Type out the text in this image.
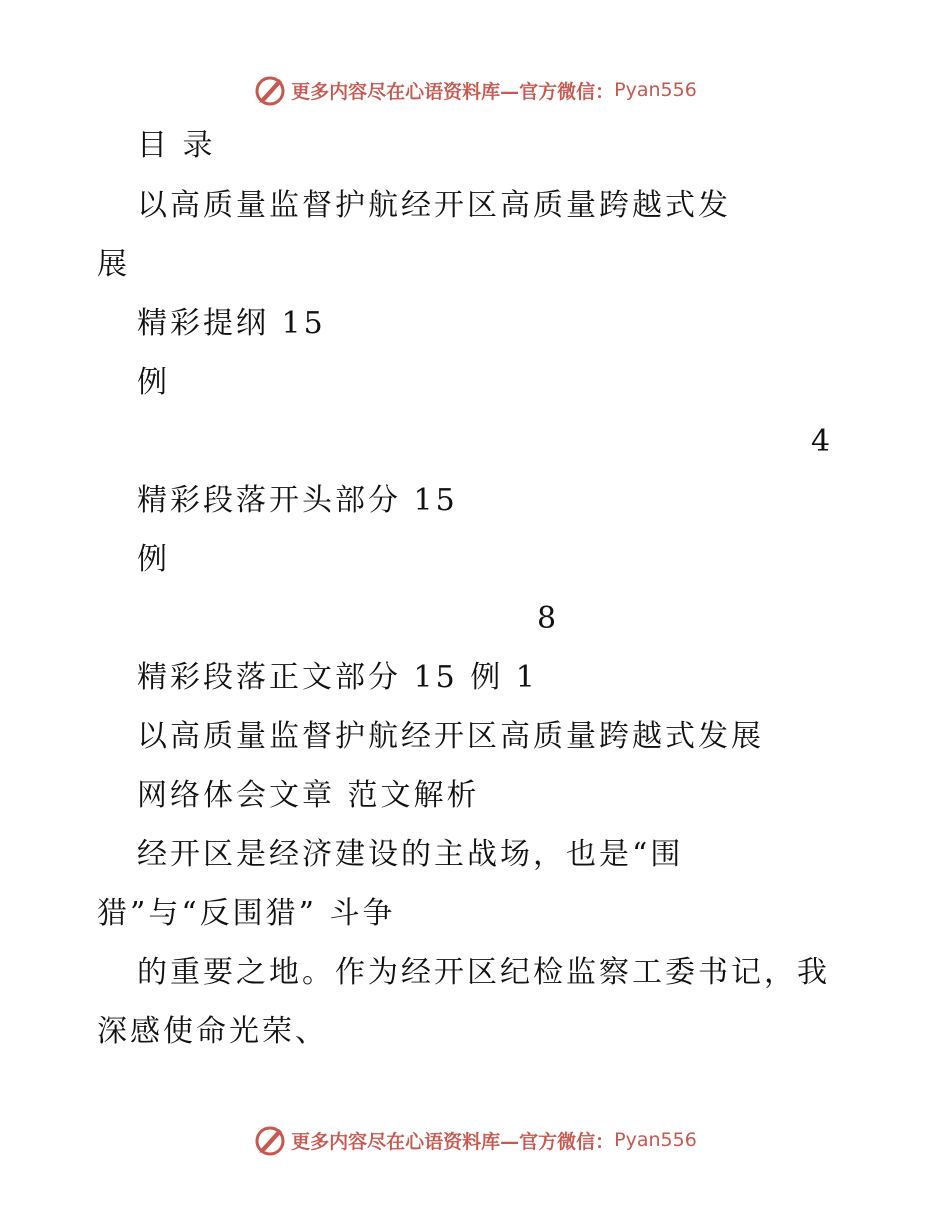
更多内容尽在心语资料库—官方微信： Pyan556
目 录
以高质量监督护航经开区高质量跨越式发
展
精彩提纲 15
例
4
精彩段落开头部分 15
例
8
精彩段落正文部分 15 例 1
以高质量监督护航经开区高质量跨越式发展
网络体会文章 范文解析
经开区是经济建设的主战场，也是“围
猎”与“反围猎” 斗争
的重要之地。作为经开区纪检监察工委书记，我
深感使命光荣、
更多内容尽在心语资料库—官方微信： Pyan556
